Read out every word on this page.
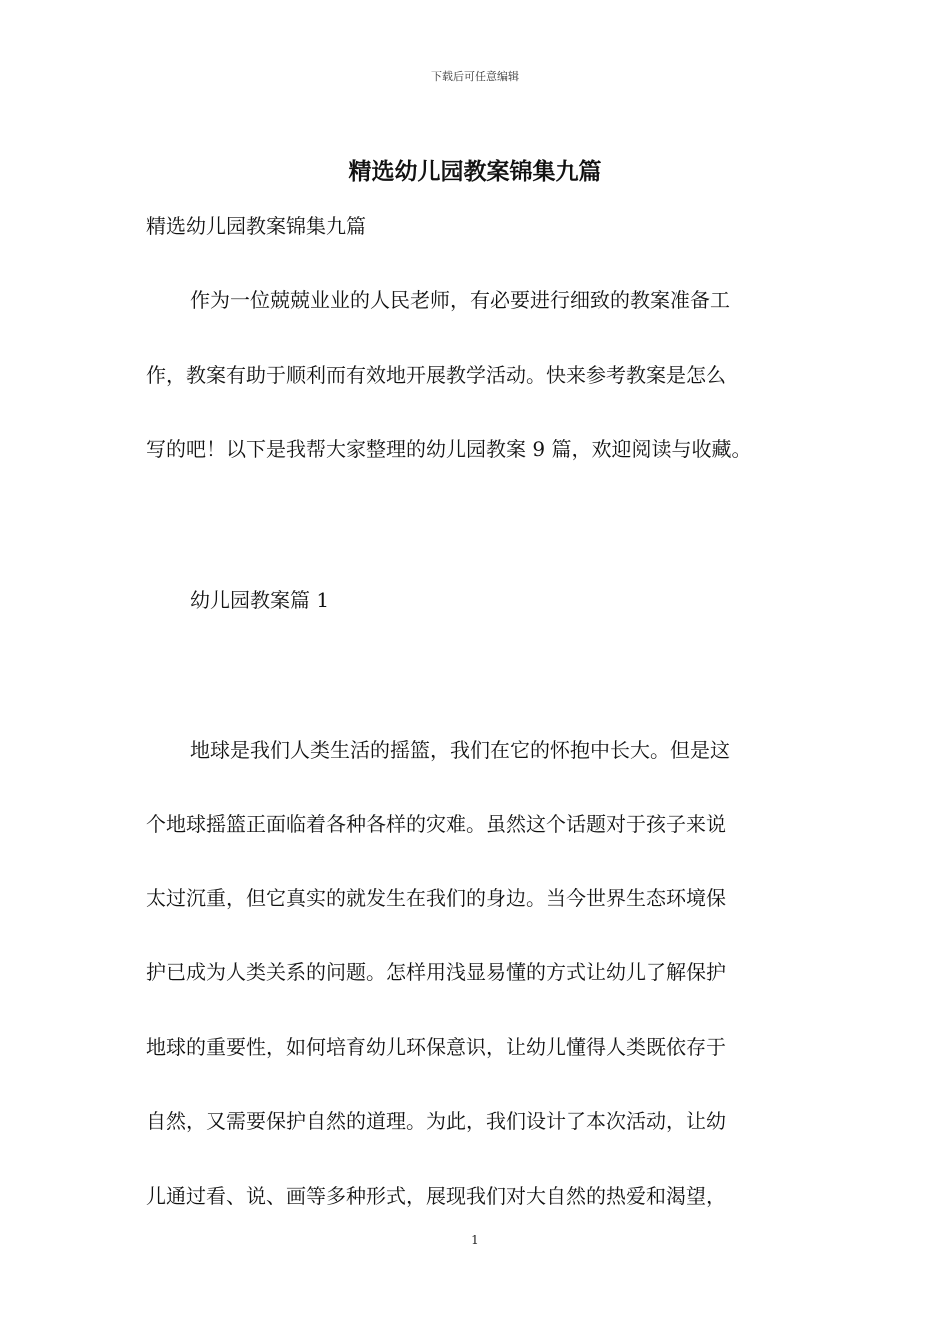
下载后可任意编辑
精选幼儿园教案锦集九篇
精选幼儿园教案锦集九篇
作为一位兢兢业业的人民老师，有必要进行细致的教案准备工
作，教案有助于顺利而有效地开展教学活动。快来参考教案是怎么
写的吧！以下是我帮大家整理的幼儿园教案 9 篇，欢迎阅读与收藏。
幼儿园教案篇 1
地球是我们人类生活的摇篮，我们在它的怀抱中长大。但是这
个地球摇篮正面临着各种各样的灾难。虽然这个话题对于孩子来说
太过沉重，但它真实的就发生在我们的身边。当今世界生态环境保
护已成为人类关系的问题。怎样用浅显易懂的方式让幼儿了解保护
地球的重要性，如何培育幼儿环保意识，让幼儿懂得人类既依存于
自然，又需要保护自然的道理。为此，我们设计了本次活动，让幼
儿通过看、说、画等多种形式，展现我们对大自然的热爱和渴望，
1
